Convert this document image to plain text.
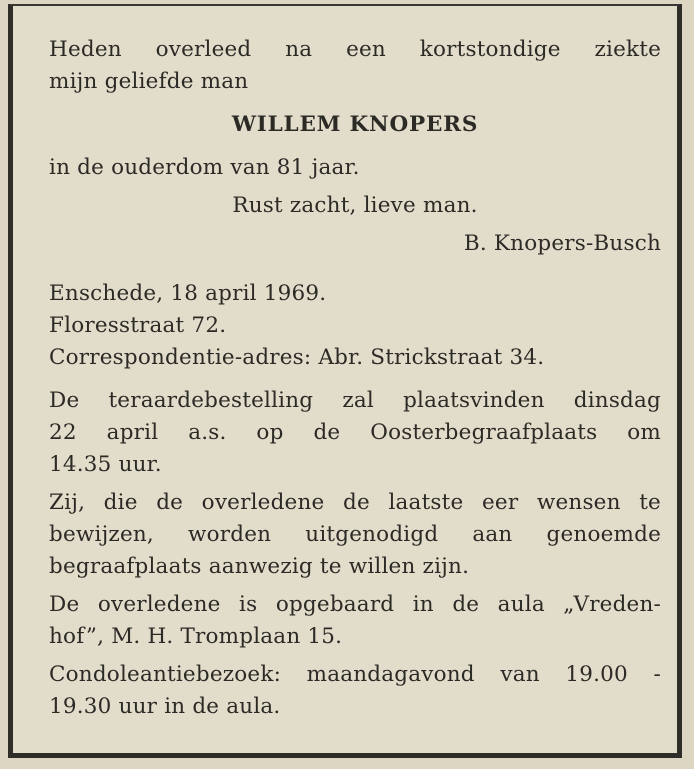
Heden overleed na een kortstondige ziekte
mijn geliefde man
WILLEM KNOPERS
in de ouderdom van 81 jaar.
Rust zacht, lieve man.
B. Knopers-Busch
Enschede, 18 april 1969.
Floresstraat 72.
Correspondentie-adres: Abr. Strickstraat 34.
De teraardebestelling zal plaatsvinden dinsdag
22 april a.s. op de Oosterbegraafplaats om
14.35 uur.
Zij, die de overledene de laatste eer wensen te
bewijzen, worden uitgenodigd aan genoemde
begraafplaats aanwezig te willen zijn.
De overledene is opgebaard in de aula „Vreden-
hof”, M. H. Tromplaan 15.
Condoleantiebezoek: maandagavond van 19.00 -
19.30 uur in de aula.
